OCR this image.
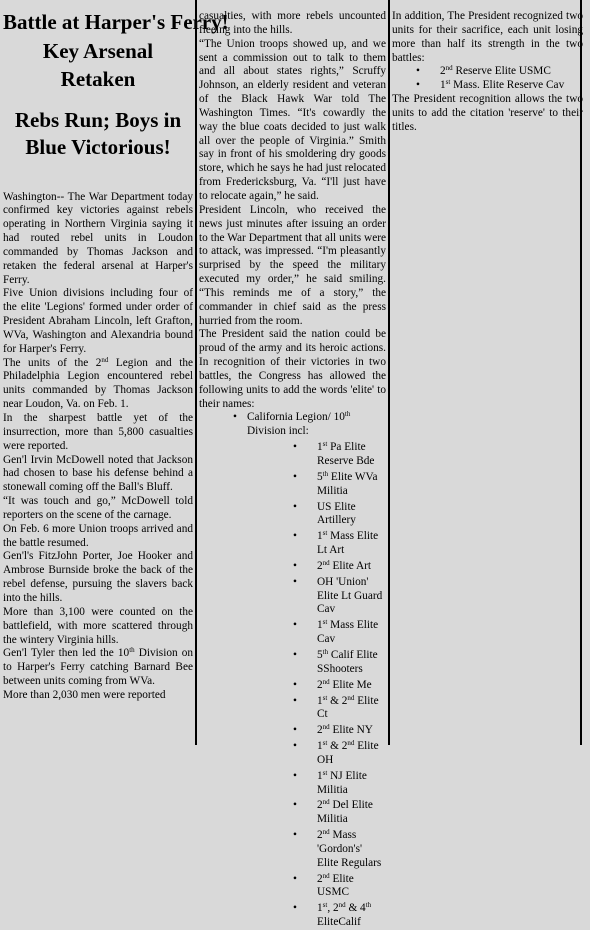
Battle at Harper's Ferry!
Key Arsenal
Retaken
Rebs Run; Boys in Blue Victorious!

Washington-- The War Department today confirmed key victories against rebels operating in Northern Virginia saying it had routed rebel units in Loudon commanded by Thomas Jackson and retaken the federal arsenal at Harper's Ferry.

Five Union divisions including four of the elite 'Legions' formed under order of President Abraham Lincoln, left Grafton, WVa, Washington and Alexandria bound for Harper's Ferry.

The units of the 2nd Legion and the Philadelphia Legion encountered rebel units commanded by Thomas Jackson near Loudon, Va. on Feb. 1.

In the sharpest battle yet of the insurrection, more than 5,800 casualties were reported.

Gen'l Irvin McDowell noted that Jackson had chosen to base his defense behind a stonewall coming off the Ball's Bluff.

“It was touch and go,” McDowell told reporters on the scene of the carnage.

On Feb. 6 more Union troops arrived and the battle resumed.

Gen'l's FitzJohn Porter, Joe Hooker and Ambrose Burnside broke the back of the rebel defense, pursuing the slavers back into the hills.

More than 3,100 were counted on the battlefield, with more scattered through the wintery Virginia hills.

Gen'l Tyler then led the 10th Division on to Harper's Ferry catching Barnard Bee between units coming from WVa.

More than 2,030 men were reported

casualties, with more rebels uncounted fleeing into the hills.

“The Union troops showed up, and we sent a commission out to talk to them and all about states rights,” Scruffy Johnson, an elderly resident and veteran of the Black Hawk War told The Washington Times. “It's cowardly the way the blue coats decided to just walk all over the people of Virginia.” Smith say in front of his smoldering dry goods store, which he says he had just relocated from Fredericksburg, Va. “I'll just have to relocate again,” he said.

President Lincoln, who received the news just minutes after issuing an order to the War Department that all units were to attack, was impressed. “I'm pleasantly surprised by the speed the military executed my order,” he said smiling. “This reminds me of a story,” the commander in chief said as the press hurried from the room.

The President said the nation could be proud of the army and its heroic actions. In recognition of their victories in two battles, the Congress has allowed the following units to add the words 'elite' to their names:

• California Legion/ 10th Division incl:
• 1st Pa Elite Reserve Bde
• 5th Elite WVa Militia
• US Elite Artillery
• 1st Mass Elite Lt Art
• 2nd Elite Art
• OH 'Union' Elite Lt Guard Cav
• 1st Mass Elite Cav
• 5th Calif Elite SShooters
• 2nd Elite Me
• 1st & 2nd Elite Ct
• 2nd Elite NY
• 1st & 2nd Elite OH
• 1st NJ Elite Militia
• 2nd Del Elite Militia
• 2nd Mass 'Gordon's' Elite Regulars
• 2nd Elite USMC
• 1st, 2nd & 4th EliteCalif

In addition, The President recognized two units for their sacrifice, each unit losing more than half its strength in the two battles:

• 2nd Reserve Elite USMC
• 1st Mass. Elite Reserve Cav

The President recognition allows the two units to add the citation 'reserve' to their titles.
